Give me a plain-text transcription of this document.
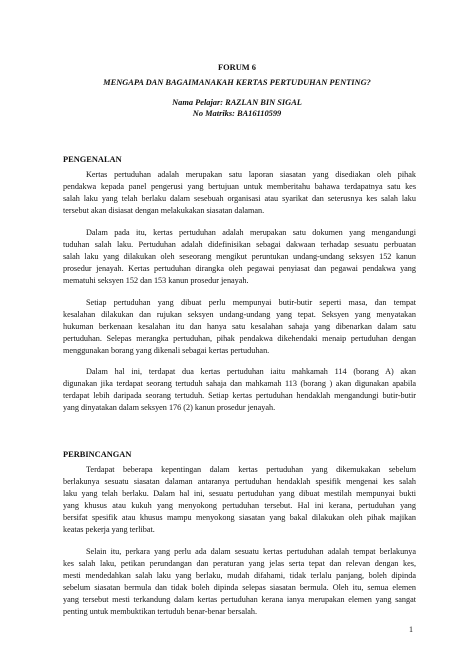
FORUM 6
MENGAPA DAN BAGAIMANAKAH KERTAS PERTUDUHAN PENTING?
Nama Pelajar: RAZLAN BIN SIGAL
No Matriks: BA16110599
PENGENALAN
Kertas pertuduhan adalah merupakan satu laporan siasatan yang disediakan oleh pihak
pendakwa kepada panel pengerusi yang bertujuan untuk memberitahu bahawa terdapatnya satu kes
salah laku yang telah berlaku dalam sesebuah organisasi atau syarikat dan seterusnya kes salah laku
tersebut akan disiasat dengan melakukakan siasatan dalaman.
Dalam pada itu, kertas pertuduhan adalah merupakan satu dokumen yang mengandungi
tuduhan salah laku. Pertuduhan adalah didefinisikan sebagai dakwaan terhadap sesuatu perbuatan
salah laku yang dilakukan oleh seseorang mengikut peruntukan undang-undang seksyen 152 kanun
prosedur jenayah. Kertas pertuduhan dirangka oleh pegawai penyiasat dan pegawai pendakwa yang
mematuhi seksyen 152 dan 153 kanun prosedur jenayah.
Setiap pertuduhan yang dibuat perlu mempunyai butir-butir seperti masa, dan tempat
kesalahan dilakukan dan rujukan seksyen undang-undang yang tepat. Seksyen yang menyatakan
hukuman berkenaan kesalahan itu dan hanya satu kesalahan sahaja yang dibenarkan dalam satu
pertuduhan. Selepas merangka pertuduhan, pihak pendakwa dikehendaki menaip pertuduhan dengan
menggunakan borang yang dikenali sebagai kertas pertuduhan.
Dalam hal ini, terdapat dua kertas pertuduhan iaitu mahkamah 114 (borang A) akan
digunakan jika terdapat seorang tertuduh sahaja dan mahkamah 113 (borang ) akan digunakan apabila
terdapat lebih daripada seorang tertuduh. Setiap kertas pertuduhan hendaklah mengandungi butir-butir
yang dinyatakan dalam seksyen 176 (2) kanun prosedur jenayah.
PERBINCANGAN
Terdapat beberapa kepentingan dalam kertas pertuduhan yang dikemukakan sebelum
berlakunya sesuatu siasatan dalaman antaranya pertuduhan hendaklah spesifik mengenai kes salah
laku yang telah berlaku. Dalam hal ini, sesuatu pertuduhan yang dibuat mestilah mempunyai bukti
yang khusus atau kukuh yang menyokong pertuduhan tersebut. Hal ini kerana, pertuduhan yang
bersifat spesifik atau khusus mampu menyokong siasatan yang bakal dilakukan oleh pihak majikan
keatas pekerja yang terlibat.
Selain itu, perkara yang perlu ada dalam sesuatu kertas pertuduhan adalah tempat berlakunya
kes salah laku, petikan perundangan dan peraturan yang jelas serta tepat dan relevan dengan kes,
mesti mendedahkan salah laku yang berlaku, mudah difahami, tidak terlalu panjang, boleh dipinda
sebelum siasatan bermula dan tidak boleh dipinda selepas siasatan bermula. Oleh itu, semua elemen
yang tersebut mesti terkandung dalam kertas pertuduhan kerana ianya merupakan elemen yang sangat
penting untuk membuktikan tertuduh benar-benar bersalah.
1
